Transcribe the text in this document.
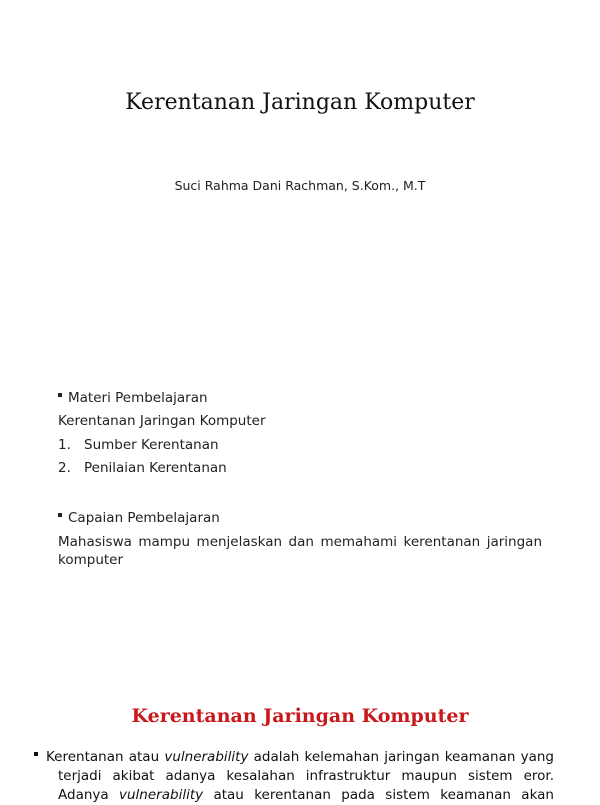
Kerentanan Jaringan Komputer
Suci Rahma Dani Rachman, S.Kom., M.T
Materi Pembelajaran
Kerentanan Jaringan Komputer
1. Sumber Kerentanan
2. Penilaian Kerentanan
Capaian Pembelajaran
Mahasiswa mampu menjelaskan dan memahami kerentanan jaringan komputer
Kerentanan Jaringan Komputer
Kerentanan atau vulnerability adalah kelemahan jaringan keamanan yang
terjadi akibat adanya kesalahan infrastruktur maupun sistem eror.
Adanya vulnerability atau kerentanan pada sistem keamanan akan
